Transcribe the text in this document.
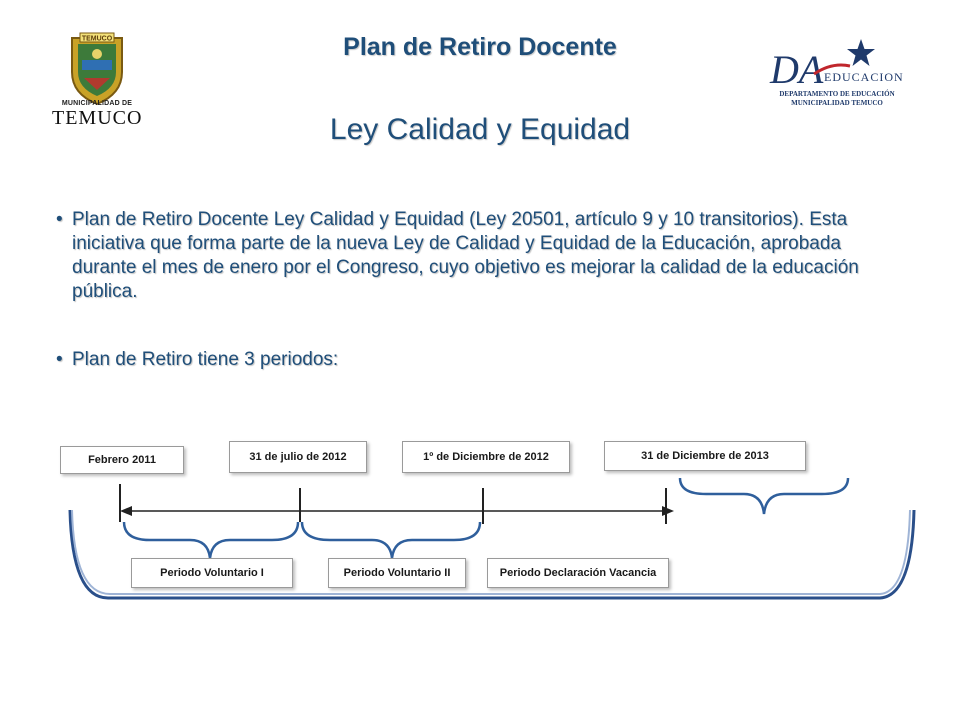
TEMUCO
MUNICIPALIDAD DE
TEMUCO
DA EDUCACION
DEPARTAMENTO DE EDUCACIÓN
MUNICIPALIDAD TEMUCO
Plan de Retiro Docente
Ley Calidad y Equidad
• Plan de Retiro Docente Ley Calidad y Equidad (Ley 20501, artículo 9 y 10 transitorios). Esta iniciativa que forma parte de la nueva Ley de Calidad y Equidad de la Educación, aprobada durante el mes de enero por el Congreso, cuyo objetivo es mejorar la calidad de la educación pública.
• Plan de Retiro tiene 3 periodos:
Febrero 2011	31 de julio de 2012	1º de Diciembre de 2012	31 de Diciembre de 2013
Periodo Voluntario I	Periodo Voluntario II	Periodo Declaración Vacancia
